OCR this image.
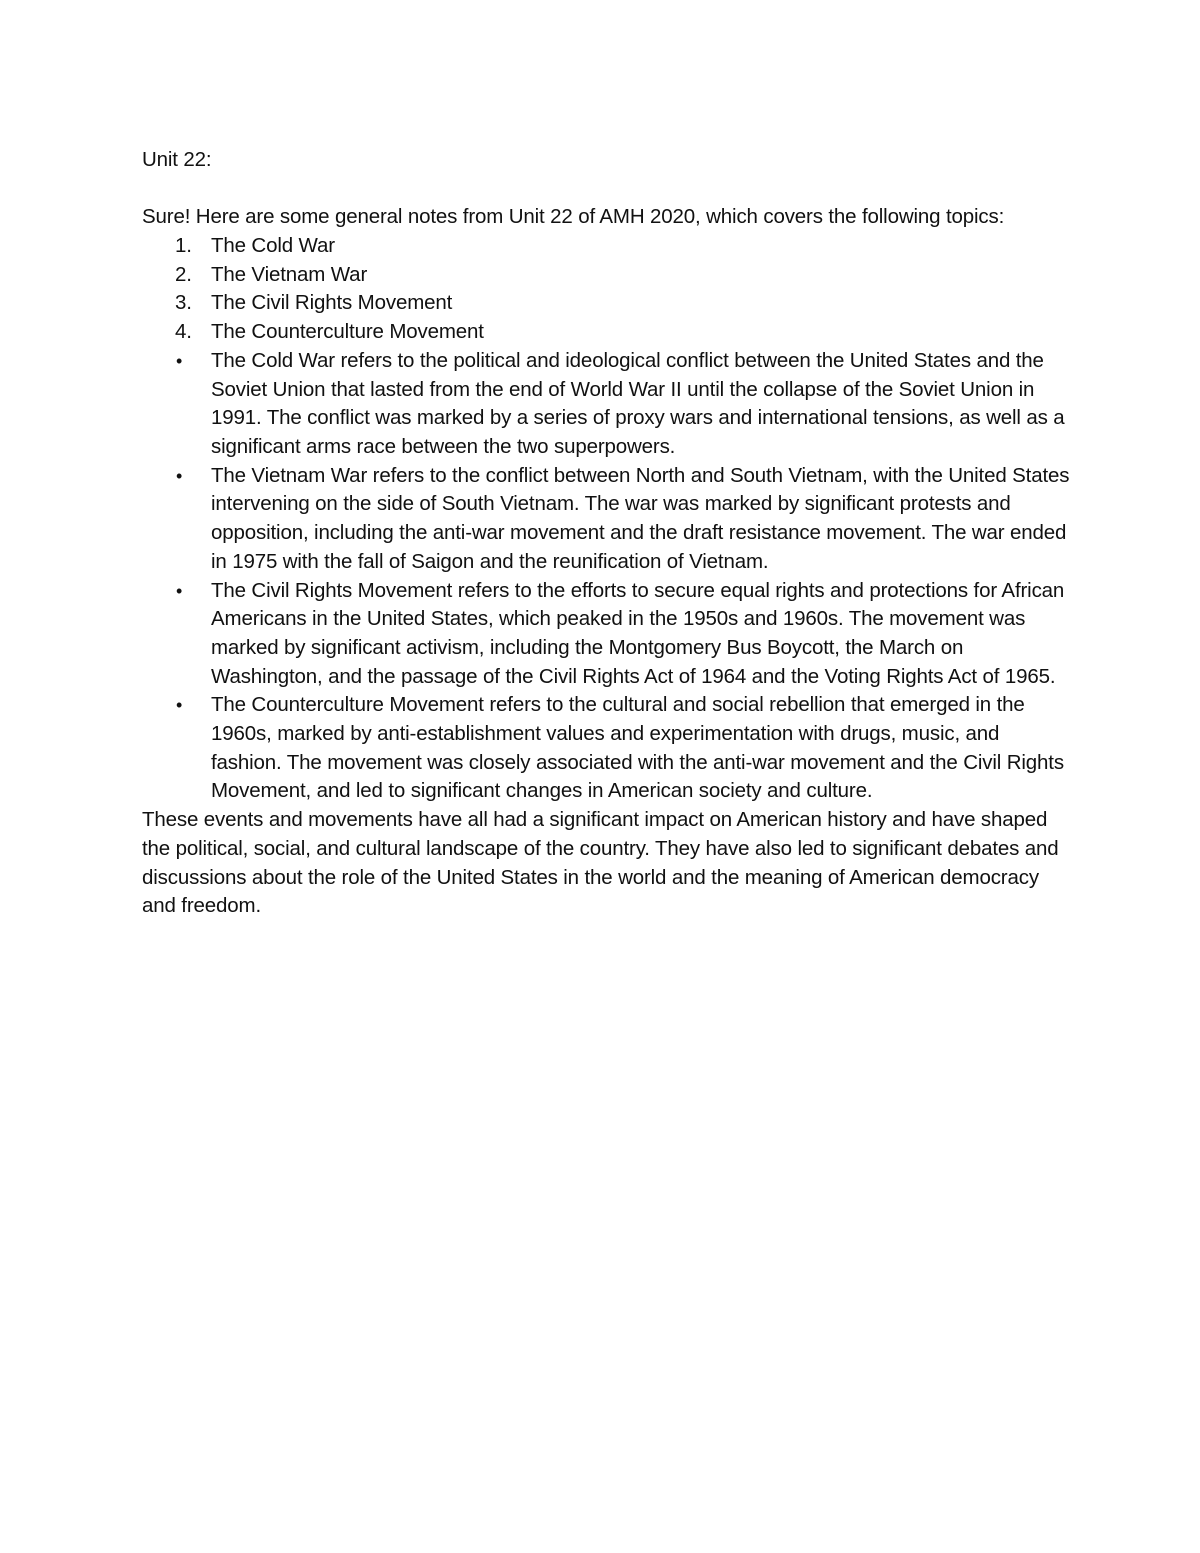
Unit 22:

Sure! Here are some general notes from Unit 22 of AMH 2020, which covers the following topics:

1. The Cold War
2. The Vietnam War
3. The Civil Rights Movement
4. The Counterculture Movement
• The Cold War refers to the political and ideological conflict between the United States and the Soviet Union that lasted from the end of World War II until the collapse of the Soviet Union in 1991. The conflict was marked by a series of proxy wars and international tensions, as well as a significant arms race between the two superpowers.
• The Vietnam War refers to the conflict between North and South Vietnam, with the United States intervening on the side of South Vietnam. The war was marked by significant protests and opposition, including the anti-war movement and the draft resistance movement. The war ended in 1975 with the fall of Saigon and the reunification of Vietnam.
• The Civil Rights Movement refers to the efforts to secure equal rights and protections for African Americans in the United States, which peaked in the 1950s and 1960s. The movement was marked by significant activism, including the Montgomery Bus Boycott, the March on Washington, and the passage of the Civil Rights Act of 1964 and the Voting Rights Act of 1965.
• The Counterculture Movement refers to the cultural and social rebellion that emerged in the 1960s, marked by anti-establishment values and experimentation with drugs, music, and fashion. The movement was closely associated with the anti-war movement and the Civil Rights Movement, and led to significant changes in American society and culture.

These events and movements have all had a significant impact on American history and have shaped the political, social, and cultural landscape of the country. They have also led to significant debates and discussions about the role of the United States in the world and the meaning of American democracy and freedom.
